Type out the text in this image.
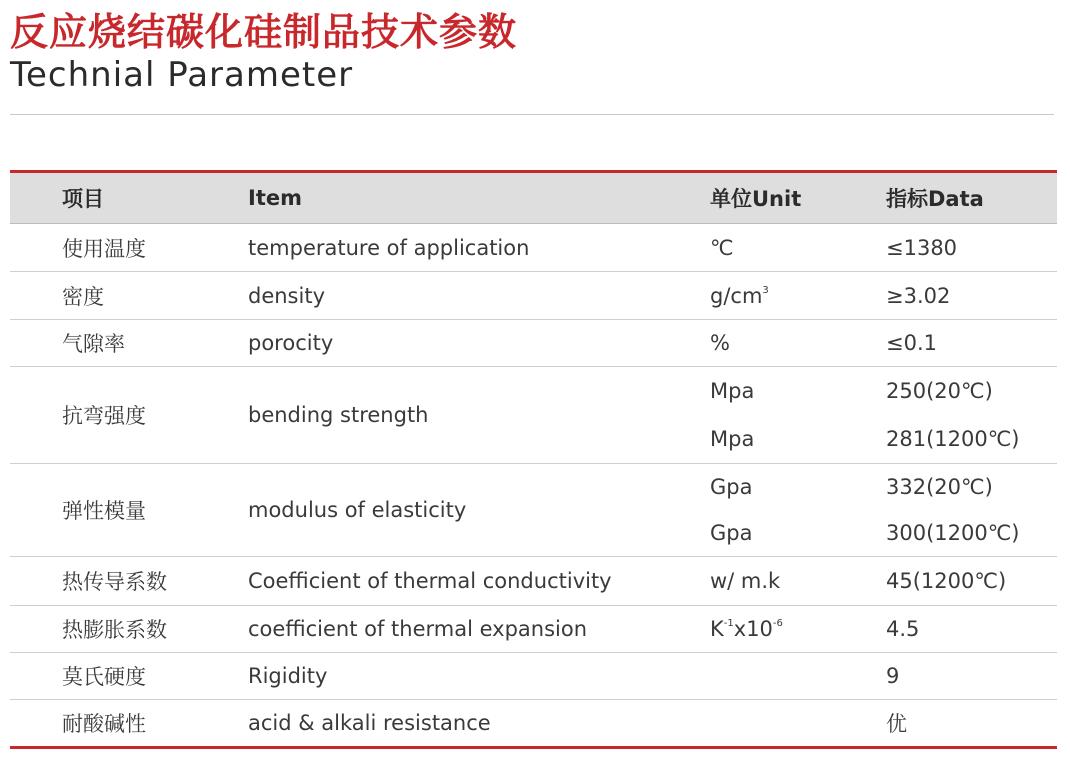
反应烧结碳化硅制品技术参数
Technial Parameter
项目	Item	单位Unit	指标Data
使用温度	temperature of application	℃	≤1380
密度	density	$g/cm^3$	≥3.02
气隙率	porocity	%	≤0.1
抗弯强度	bending strength	Mpa	250(20℃)
		Mpa	281(1200℃)
弹性模量	modulus of elasticity	Gpa	332(20℃)
		Gpa	300(1200℃)
热传导系数	Coefficient of thermal conductivity	w/ m.k	45(1200℃)
热膨胀系数	coefficient of thermal expansion	$K^{-1}x10^{-6}$	4.5
莫氏硬度	Rigidity		9
耐酸碱性	acid & alkali resistance		优
